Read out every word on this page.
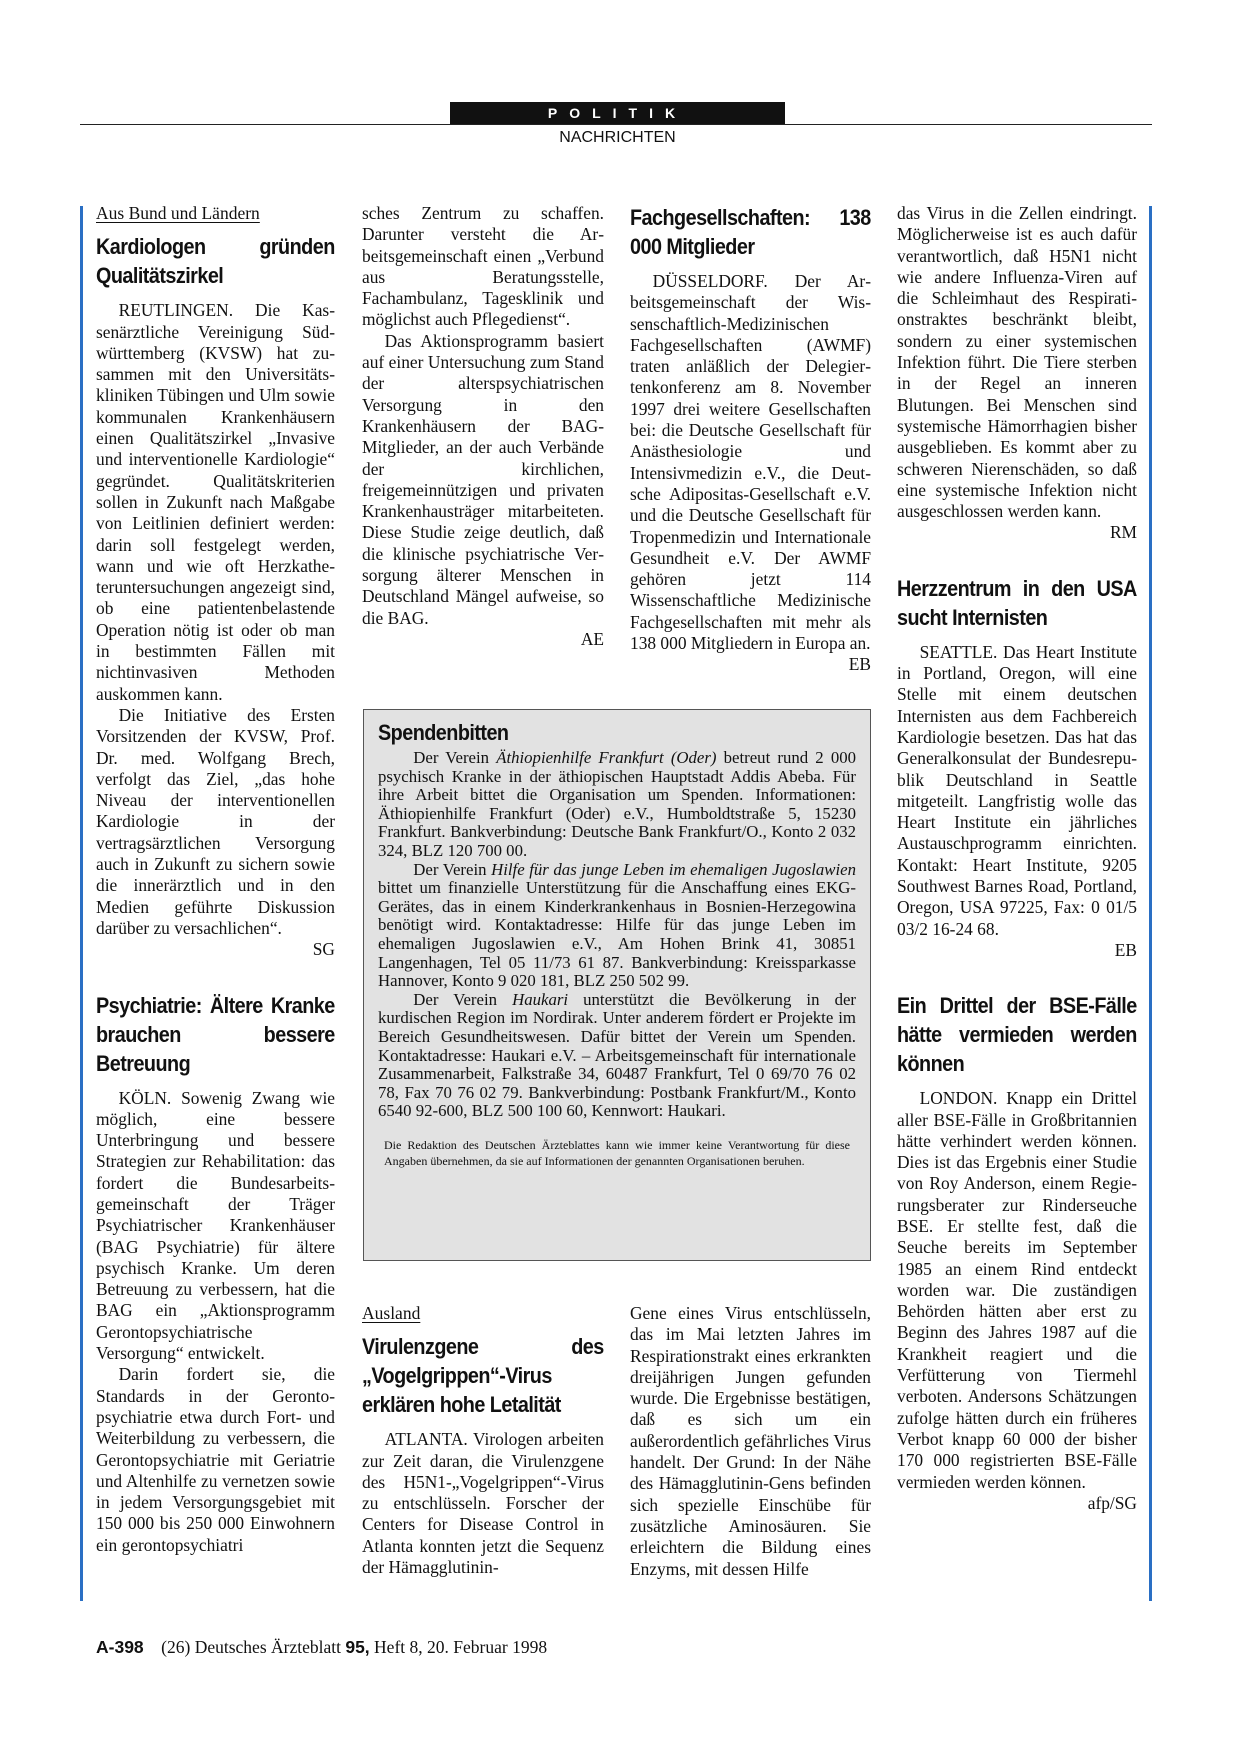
POLITIK
NACHRICHTEN
Aus Bund und Ländern
Kardiologen gründen Qualitätszirkel

REUTLINGEN. Die Kassenärztliche Vereinigung Südwürttemberg (KVSW) hat zusammen mit den Universitätskliniken Tübingen und Ulm sowie kommunalen Krankenhäusern einen Qualitätszirkel „Invasive und interventionelle Kardiologie“ gegründet. Qualitätskriterien sollen in Zukunft nach Maßgabe von Leitlinien definiert werden: darin soll festgelegt werden, wann und wie oft Herzkatheteruntersuchungen angezeigt sind, ob eine patientenbelastende Operation nötig ist oder ob man in bestimmten Fällen mit nichtinvasiven Methoden auskommen kann.

Die Initiative des Ersten Vorsitzenden der KVSW, Prof. Dr. med. Wolfgang Brech, verfolgt das Ziel, „das hohe Niveau der interventionellen Kardiologie in der vertragsärztlichen Versorgung auch in Zukunft zu sichern sowie die innerärztlich und in den Medien geführte Diskussion darüber zu versachlichen“.
SG

Psychiatrie: Ältere Kranke brauchen bessere Betreuung

KÖLN. Sowenig Zwang wie möglich, eine bessere Unterbringung und bessere Strategien zur Rehabilitation: das fordert die Bundesarbeitsgemeinschaft der Träger Psychiatrischer Krankenhäuser (BAG Psychiatrie) für ältere psychisch Kranke. Um deren Betreuung zu verbessern, hat die BAG ein „Aktionsprogramm Gerontopsychiatrische Versorgung“ entwickelt.

Darin fordert sie, die Standards in der Gerontopsychiatrie etwa durch Fort- und Weiterbildung zu verbessern, die Gerontopsychiatrie mit Geriatrie und Altenhilfe zu vernetzen sowie in jedem Versorgungsgebiet mit 150 000 bis 250 000 Einwohnern ein gerontopsychiatri

sches Zentrum zu schaffen. Darunter versteht die Arbeitsgemeinschaft einen „Verbund aus Beratungsstelle, Fachambulanz, Tagesklinik und möglichst auch Pflegedienst“.

Das Aktionsprogramm basiert auf einer Untersuchung zum Stand der alterspsychiatrischen Versorgung in den Krankenhäusern der BAG-Mitglieder, an der auch Verbände der kirchlichen, freigemeinnützigen und privaten Krankenhausträger mitarbeiteten. Diese Studie zeige deutlich, daß die klinische psychiatrische Versorgung älterer Menschen in Deutschland Mängel aufweise, so die BAG.
AE

Fachgesellschaften: 138 000 Mitglieder

DÜSSELDORF. Der Arbeitsgemeinschaft der Wissenschaftlich-Medizinischen Fachgesellschaften (AWMF) traten anläßlich der Delegiertenkonferenz am 8. November 1997 drei weitere Gesellschaften bei: die Deutsche Gesellschaft für Anästhesiologie und Intensivmedizin e.V., die Deutsche Adipositas-Gesellschaft e.V. und die Deutsche Gesellschaft für Tropenmedizin und Internationale Gesundheit e.V. Der AWMF gehören jetzt 114 Wissenschaftliche Medizinische Fachgesellschaften mit mehr als 138 000 Mitgliedern in Europa an.
EB

das Virus in die Zellen eindringt. Möglicherweise ist es auch dafür verantwortlich, daß H5N1 nicht wie andere Influenza-Viren auf die Schleimhaut des Respirationstraktes beschränkt bleibt, sondern zu einer systemischen Infektion führt. Die Tiere sterben in der Regel an inneren Blutungen. Bei Menschen sind systemische Hämorrhagien bisher ausgeblieben. Es kommt aber zu schweren Nierenschäden, so daß eine systemische Infektion nicht ausgeschlossen werden kann.
RM

Herzzentrum in den USA sucht Internisten

SEATTLE. Das Heart Institute in Portland, Oregon, will eine Stelle mit einem deutschen Internisten aus dem Fachbereich Kardiologie besetzen. Das hat das Generalkonsulat der Bundesrepublik Deutschland in Seattle mitgeteilt. Langfristig wolle das Heart Institute ein jährliches Austauschprogramm einrichten. Kontakt: Heart Institute, 9205 Southwest Barnes Road, Portland, Oregon, USA 97225, Fax: 0 01/5 03/2 16-24 68.
EB

Ein Drittel der BSE-Fälle hätte vermieden werden können

LONDON. Knapp ein Drittel aller BSE-Fälle in Großbritannien hätte verhindert werden können. Dies ist das Ergebnis einer Studie von Roy Anderson, einem Regierungsberater zur Rinderseuche BSE. Er stellte fest, daß die Seuche bereits im September 1985 an einem Rind entdeckt worden war. Die zuständigen Behörden hätten aber erst zu Beginn des Jahres 1987 auf die Krankheit reagiert und die Verfütterung von Tiermehl verboten. Andersons Schätzungen zufolge hätten durch ein früheres Verbot knapp 60 000 der bisher 170 000 registrierten BSE-Fälle vermieden werden können.
afp/SG

Spendenbitten

Der Verein Äthiopienhilfe Frankfurt (Oder) betreut rund 2 000 psychisch Kranke in der äthiopischen Hauptstadt Addis Abeba. Für ihre Arbeit bittet die Organisation um Spenden. Informationen: Äthiopienhilfe Frankfurt (Oder) e.V., Humboldtstraße 5, 15230 Frankfurt. Bankverbindung: Deutsche Bank Frankfurt/O., Konto 2 032 324, BLZ 120 700 00.

Der Verein Hilfe für das junge Leben im ehemaligen Jugoslawien bittet um finanzielle Unterstützung für die Anschaffung eines EKG-Gerätes, das in einem Kinderkrankenhaus in Bosnien-Herzegowina benötigt wird. Kontaktadresse: Hilfe für das junge Leben im ehemaligen Jugoslawien e.V., Am Hohen Brink 41, 30851 Langenhagen, Tel 05 11/73 61 87. Bankverbindung: Kreissparkasse Hannover, Konto 9 020 181, BLZ 250 502 99.

Der Verein Haukari unterstützt die Bevölkerung in der kurdischen Region im Nordirak. Unter anderem fördert er Projekte im Bereich Gesundheitswesen. Dafür bittet der Verein um Spenden. Kontaktadresse: Haukari e.V. – Arbeitsgemeinschaft für internationale Zusammenarbeit, Falkstraße 34, 60487 Frankfurt, Tel 0 69/70 76 02 78, Fax 70 76 02 79. Bankverbindung: Postbank Frankfurt/M., Konto 6540 92-600, BLZ 500 100 60, Kennwort: Haukari.

Die Redaktion des Deutschen Ärzteblattes kann wie immer keine Verantwortung für diese Angaben übernehmen, da sie auf Informationen der genannten Organisationen beruhen.
Ausland
Virulenzgene des „Vogelgrippen“-Virus erklären hohe Letalität

ATLANTA. Virologen arbeiten zur Zeit daran, die Virulenzgene des H5N1-„Vogelgrippen“-Virus zu entschlüsseln. Forscher der Centers for Disease Control in Atlanta konnten jetzt die Sequenz der Hämagglutinin-

Gene eines Virus entschlüsseln, das im Mai letzten Jahres im Respirationstrakt eines erkrankten dreijährigen Jungen gefunden wurde. Die Ergebnisse bestätigen, daß es sich um ein außerordentlich gefährliches Virus handelt. Der Grund: In der Nähe des Hämagglutinin-Gens befinden sich spezielle Einschübe für zusätzliche Aminosäuren. Sie erleichtern die Bildung eines Enzyms, mit dessen Hilfe

A-398 (26) Deutsches Ärzteblatt 95, Heft 8, 20. Februar 1998
